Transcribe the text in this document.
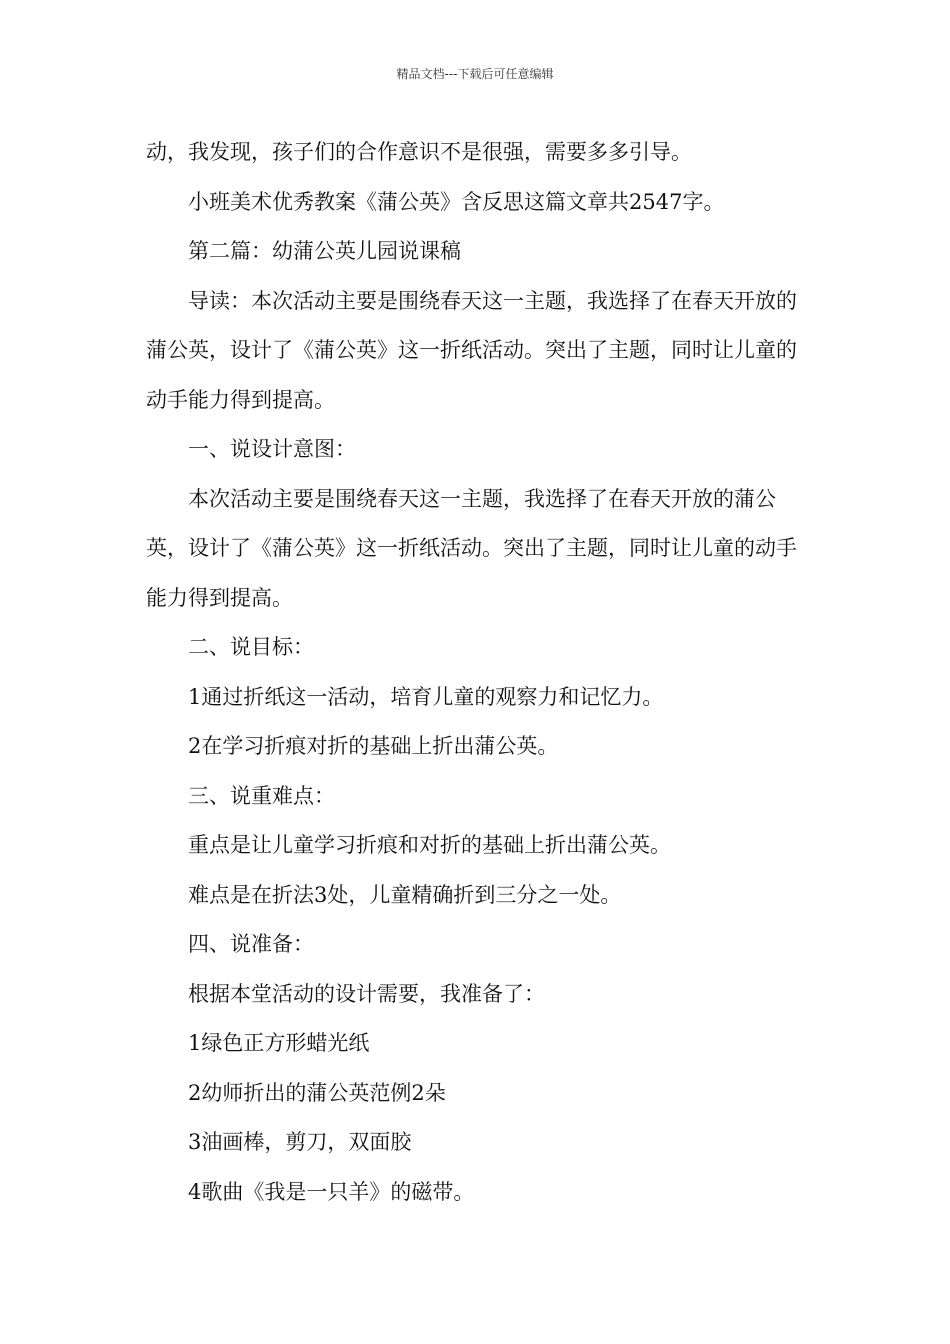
精品文档---下载后可任意编辑

动，我发现，孩子们的合作意识不是很强，需要多多引导。

小班美术优秀教案《蒲公英》含反思这篇文章共2547字。

第二篇：幼蒲公英儿园说课稿

导读：本次活动主要是围绕春天这一主题，我选择了在春天开放的蒲公英，设计了《蒲公英》这一折纸活动。突出了主题，同时让儿童的动手能力得到提高。

一、说设计意图：

本次活动主要是围绕春天这一主题，我选择了在春天开放的蒲公英，设计了《蒲公英》这一折纸活动。突出了主题，同时让儿童的动手能力得到提高。

二、说目标：

1通过折纸这一活动，培育儿童的观察力和记忆力。

2在学习折痕对折的基础上折出蒲公英。

三、说重难点：

重点是让儿童学习折痕和对折的基础上折出蒲公英。

难点是在折法3处，儿童精确折到三分之一处。

四、说准备：

根据本堂活动的设计需要，我准备了：

1绿色正方形蜡光纸

2幼师折出的蒲公英范例2朵

3油画棒，剪刀，双面胶

4歌曲《我是一只羊》的磁带。
